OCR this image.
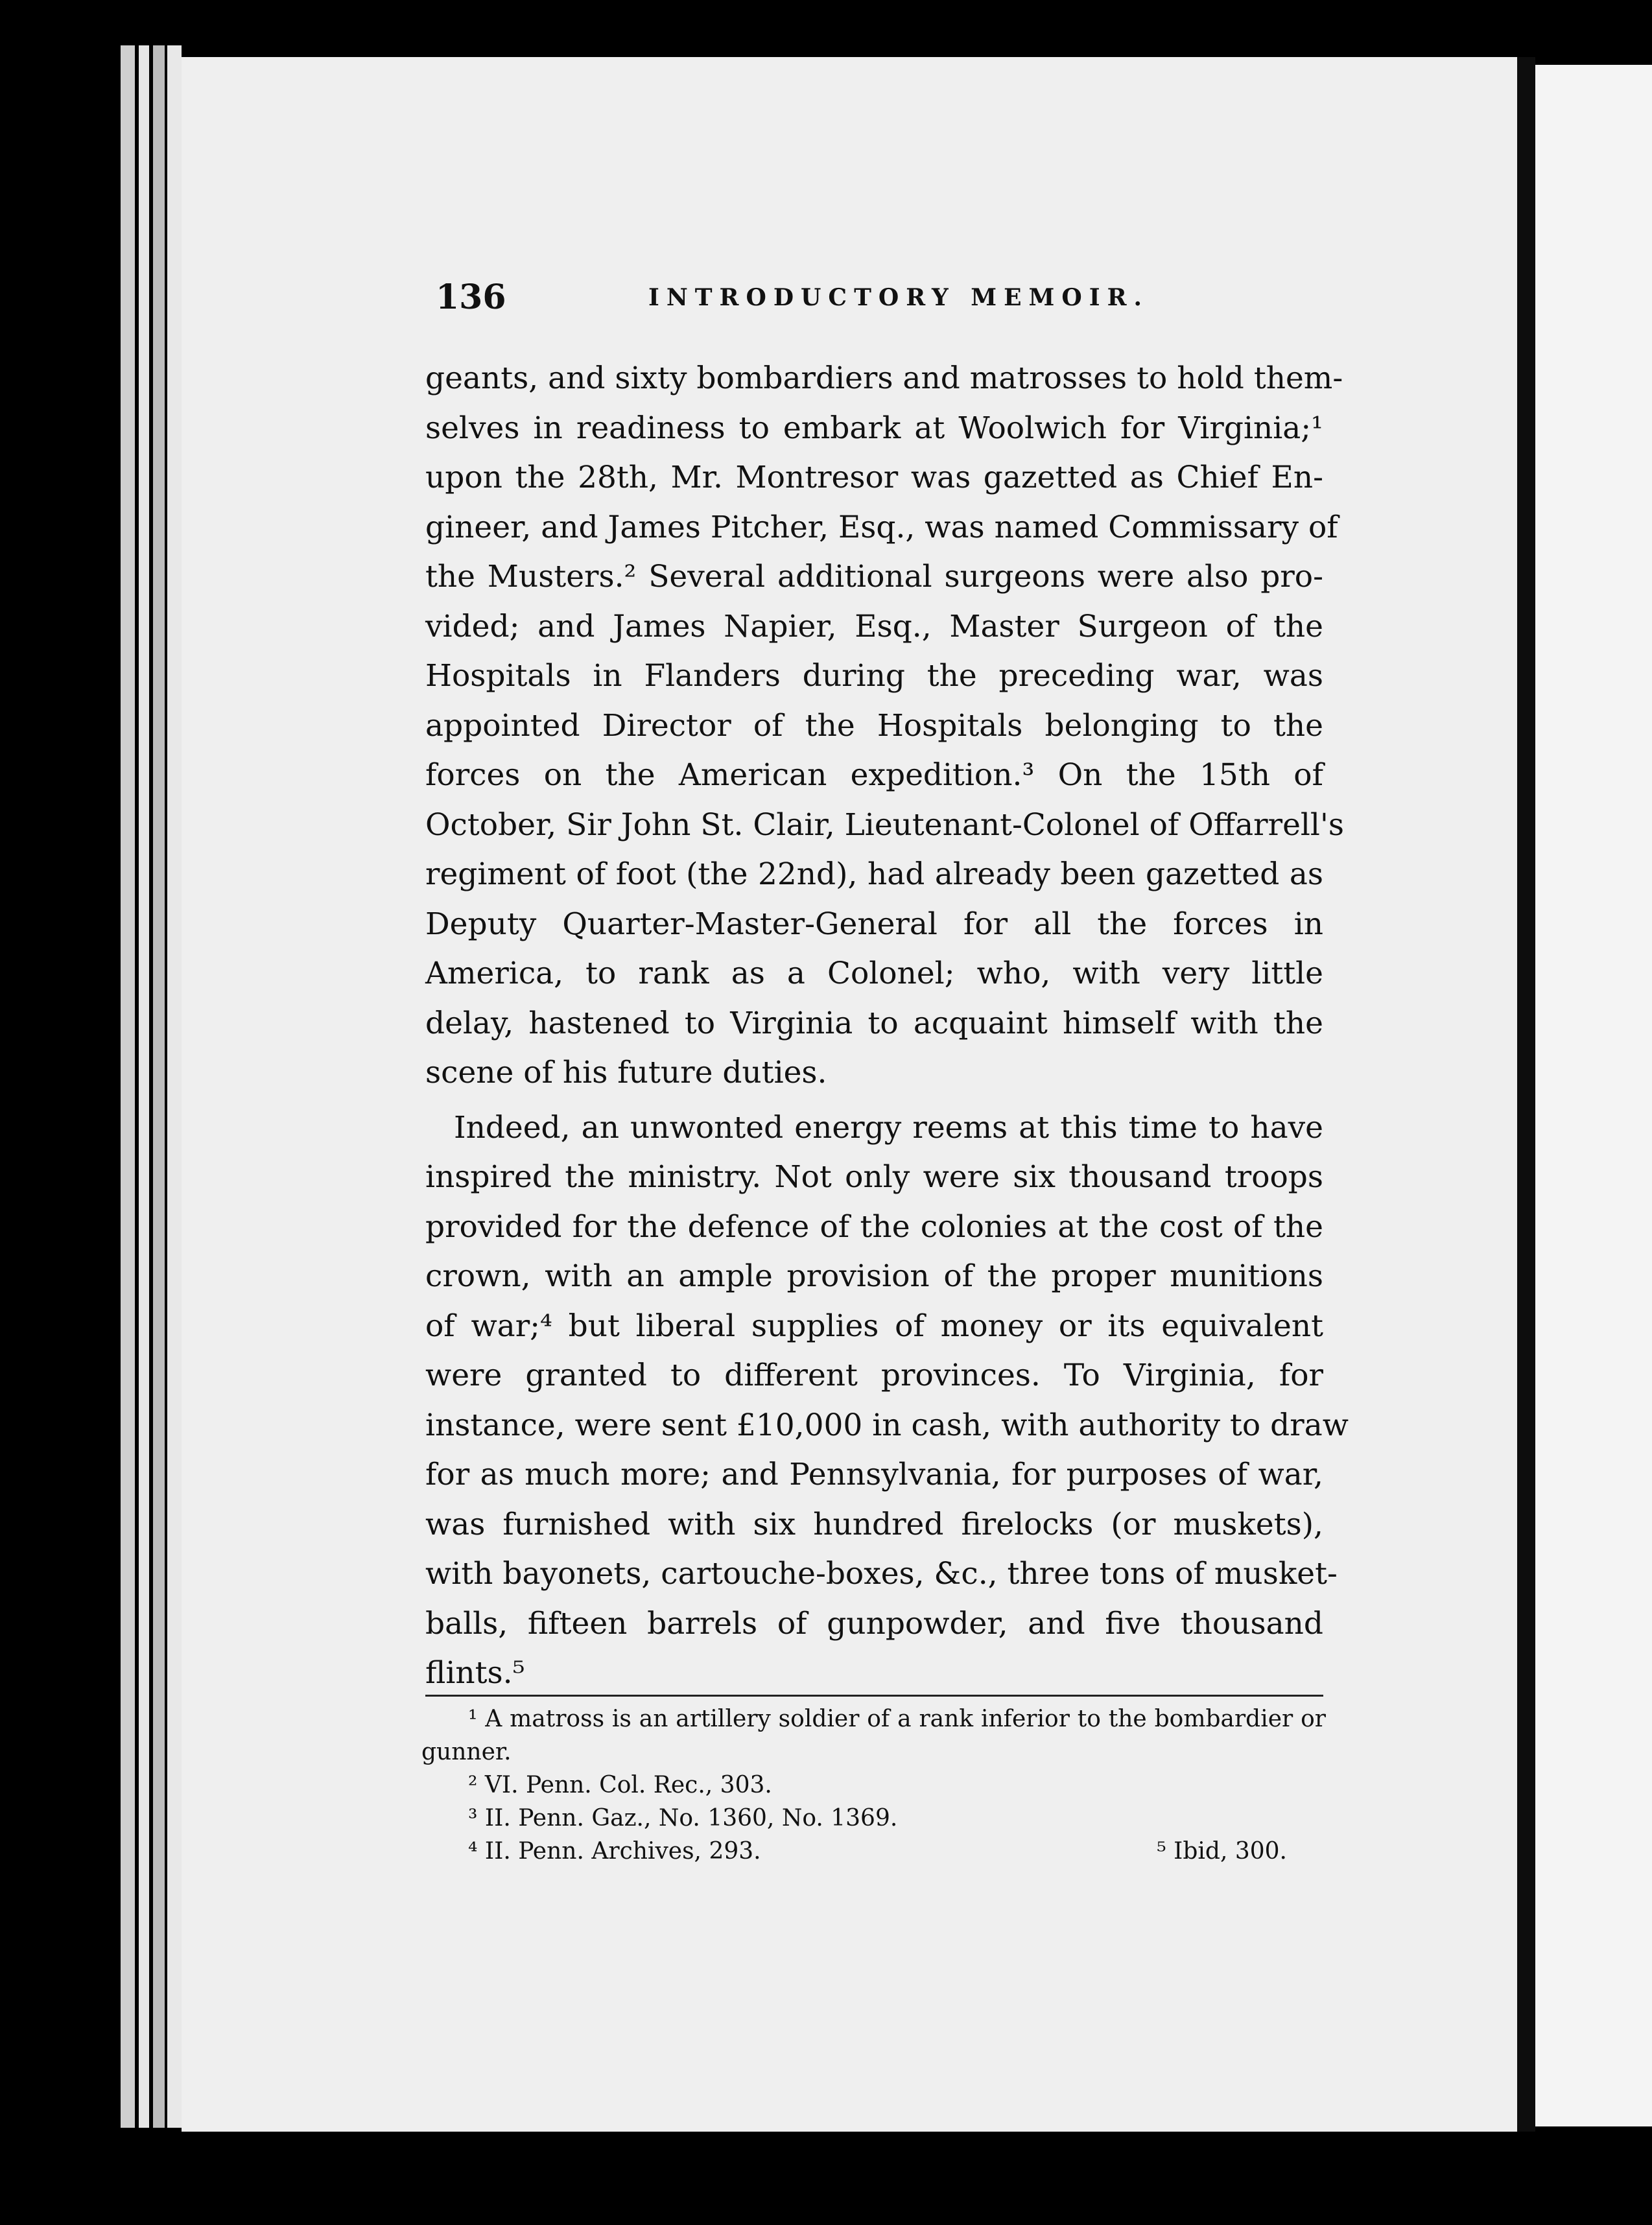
136	INTRODUCTORY MEMOIR.
geants, and sixty bombardiers and matrosses to hold them-
selves in readiness to embark at Woolwich for Virginia;¹
upon the 28th, Mr. Montresor was gazetted as Chief En-
gineer, and James Pitcher, Esq., was named Commissary of
the Musters.² Several additional surgeons were also pro-
vided; and James Napier, Esq., Master Surgeon of the
Hospitals in Flanders during the preceding war, was
appointed Director of the Hospitals belonging to the
forces on the American expedition.³ On the 15th of
October, Sir John St. Clair, Lieutenant-Colonel of Offarrell's
regiment of foot (the 22nd), had already been gazetted as
Deputy Quarter-Master-General for all the forces in
America, to rank as a Colonel; who, with very little
delay, hastened to Virginia to acquaint himself with the
scene of his future duties.
Indeed, an unwonted energy reems at this time to have
inspired the ministry. Not only were six thousand troops
provided for the defence of the colonies at the cost of the
crown, with an ample provision of the proper munitions
of war;⁴ but liberal supplies of money or its equivalent
were granted to different provinces. To Virginia, for
instance, were sent £10,000 in cash, with authority to draw
for as much more; and Pennsylvania, for purposes of war,
was furnished with six hundred firelocks (or muskets),
with bayonets, cartouche-boxes, &c., three tons of musket-
balls, fifteen barrels of gunpowder, and five thousand
flints.⁵
¹ A matross is an artillery soldier of a rank inferior to the bombardier or
gunner.
² VI. Penn. Col. Rec., 303.
³ II. Penn. Gaz., No. 1360, No. 1369.
⁴ II. Penn. Archives, 293.	⁵ Ibid, 300.
